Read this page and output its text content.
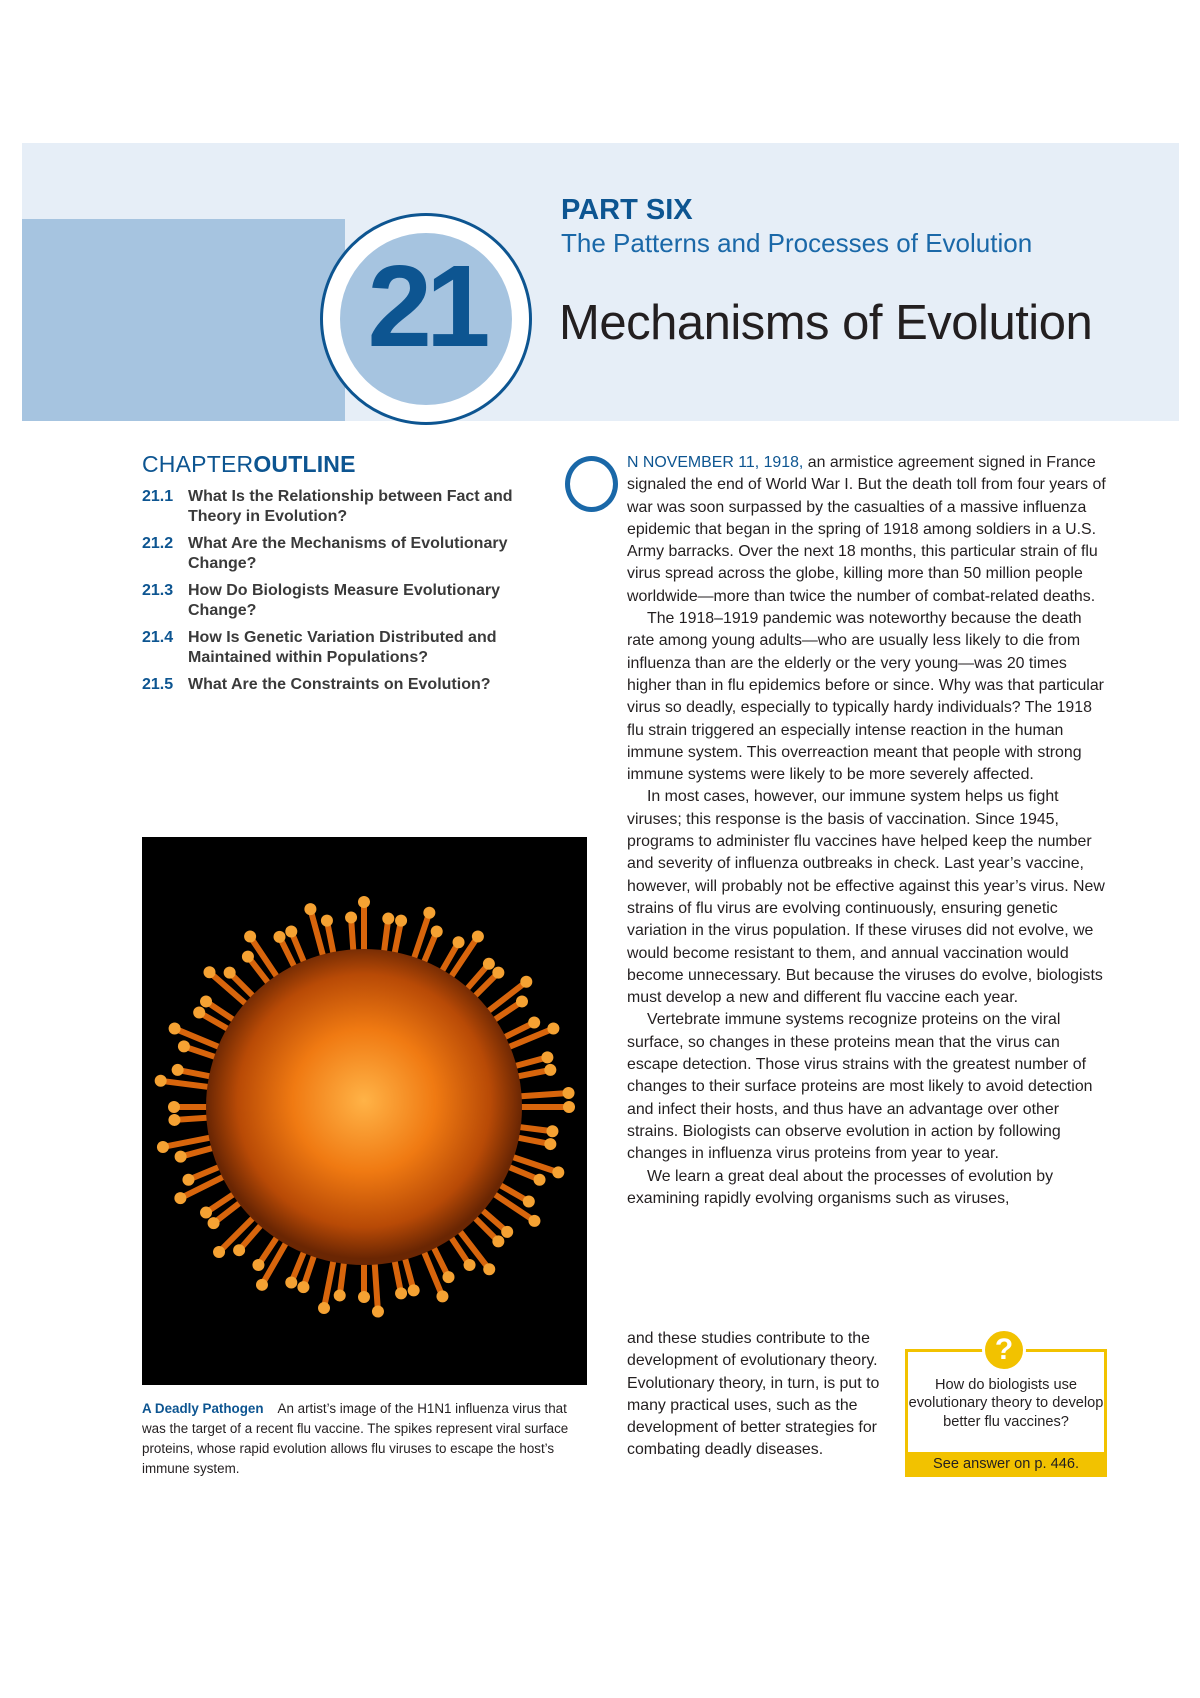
21
PART SIX
The Patterns and Processes of Evolution
Mechanisms of Evolution
CHAPTEROUTLINE
21.1 What Is the Relationship between Fact and Theory in Evolution?
21.2 What Are the Mechanisms of Evolutionary Change?
21.3 How Do Biologists Measure Evolutionary Change?
21.4 How Is Genetic Variation Distributed and Maintained within Populations?
21.5 What Are the Constraints on Evolution?
A Deadly Pathogen An artist’s image of the H1N1 influenza virus that was the target of a recent flu vaccine. The spikes represent viral surface proteins, whose rapid evolution allows flu viruses to escape the host’s immune system.

N NOVEMBER 11, 1918, an armistice agreement signed in France signaled the end of World War I. But the death toll from four years of war was soon surpassed by the casualties of a massive influenza epidemic that began in the spring of 1918 among soldiers in a U.S. Army barracks. Over the next 18 months, this particular strain of flu virus spread across the globe, killing more than 50 million people worldwide—more than twice the number of combat-related deaths.

The 1918–1919 pandemic was noteworthy because the death rate among young adults—who are usually less likely to die from influenza than are the elderly or the very young—was 20 times higher than in flu epidemics before or since. Why was that particular virus so deadly, especially to typically hardy individuals? The 1918 flu strain triggered an especially intense reaction in the human immune system. This overreaction meant that people with strong immune systems were likely to be more severely affected.

In most cases, however, our immune system helps us fight viruses; this response is the basis of vaccination. Since 1945, programs to administer flu vaccines have helped keep the number and severity of influenza outbreaks in check. Last year’s vaccine, however, will probably not be effective against this year’s virus. New strains of flu virus are evolving continuously, ensuring genetic variation in the virus population. If these viruses did not evolve, we would become resistant to them, and annual vaccination would become unnecessary. But because the viruses do evolve, biologists must develop a new and different flu vaccine each year.

Vertebrate immune systems recognize proteins on the viral surface, so changes in these proteins mean that the virus can escape detection. Those virus strains with the greatest number of changes to their surface proteins are most likely to avoid detection and infect their hosts, and thus have an advantage over other strains. Biologists can observe evolution in action by following changes in influenza virus proteins from year to year.

We learn a great deal about the processes of evolution by examining rapidly evolving organisms such as viruses,

and these studies contribute to the development of evolutionary theory. Evolutionary theory, in turn, is put to many practical uses, such as the development of better strategies for combating deadly diseases.
?
How do biologists use evolutionary theory to develop better flu vaccines?
See answer on p. 446.
